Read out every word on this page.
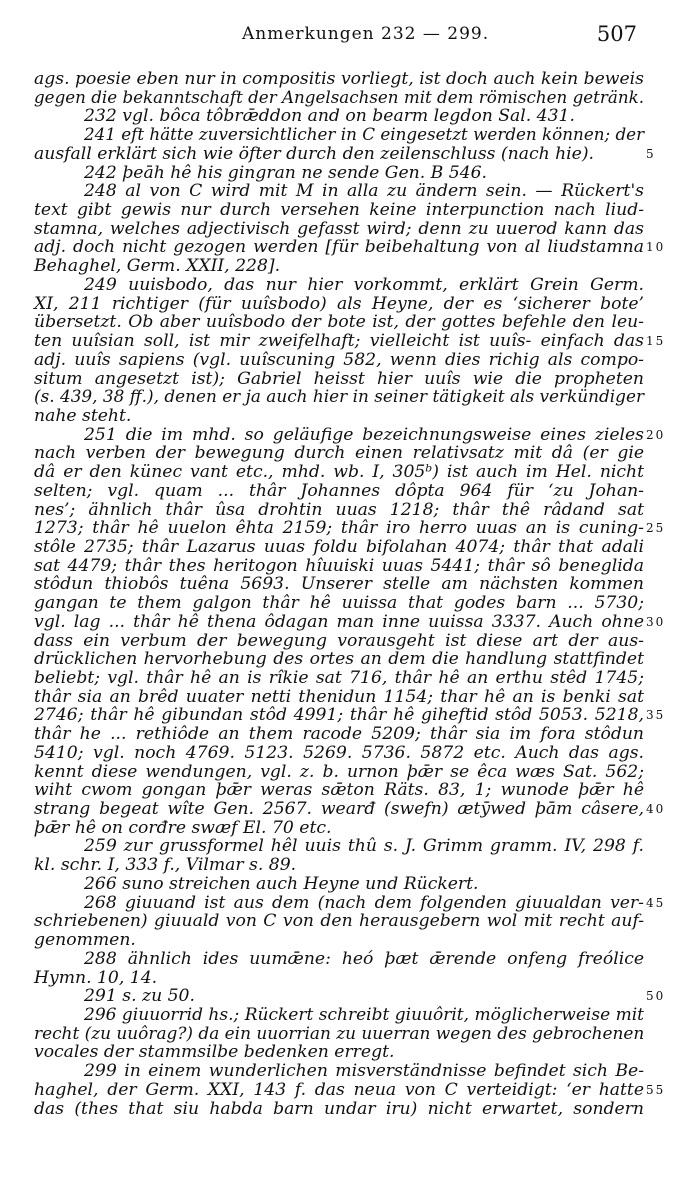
Anmerkungen 232 — 299.	507
ags. poesie eben nur in compositis vorliegt, ist doch auch kein beweis
gegen die bekanntschaft der Angelsachsen mit dem römischen getränk.
232 vgl. bôca tôbrǣddon and on bearm legdon Sal. 431.
241 eft hätte zuversichtlicher in C eingesetzt werden können; der
ausfall erklärt sich wie öfter durch den zeilenschluss (nach hie).	5
242 þeāh hê his gingran ne sende Gen. B 546.
248 al von C wird mit M in alla zu ändern sein. — Rückert's
text gibt gewis nur durch versehen keine interpunction nach liud-
stamna, welches adjectivisch gefasst wird; denn zu uuerod kann das
adj. doch nicht gezogen werden [für beibehaltung von al liudstamna 10
Behaghel, Germ. XXII, 228].
249 uuisbodo, das nur hier vorkommt, erklärt Grein Germ.
XI, 211 richtiger (für uuîsbodo) als Heyne, der es ‘sicherer bote’
übersetzt. Ob aber uuîsbodo der bote ist, der gottes befehle den leu-
ten uuîsian soll, ist mir zweifelhaft; vielleicht ist uuîs- einfach das 15
adj. uuîs sapiens (vgl. uuîscuning 582, wenn dies richig als compo-
situm angesetzt ist); Gabriel heisst hier uuîs wie die propheten
(s. 439, 38 ff.), denen er ja auch hier in seiner tätigkeit als verkündiger
nahe steht.
251 die im mhd. so geläufige bezeichnungsweise eines zieles 20
nach verben der bewegung durch einen relativsatz mit dâ (er gie
dâ er den künec vant etc., mhd. wb. I, 305ᵇ) ist auch im Hel. nicht
selten; vgl. quam ... thâr Johannes dôpta 964 für ‘zu Johan-
nes’; ähnlich thâr ûsa drohtin uuas 1218; thâr thê râdand sat
1273; thâr hê uuelon êhta 2159; thâr iro herro uuas an is cuning- 25
stôle 2735; thâr Lazarus uuas foldu bifolahan 4074; thâr that adali
sat 4479; thâr thes heritogon hîuuiski uuas 5441; thâr sô beneglida
stôdun thiobôs tuêna 5693. Unserer stelle am nächsten kommen
gangan te them galgon thâr hê uuissa that godes barn ... 5730;
vgl. lag ... thâr hê thena ôdagan man inne uuissa 3337. Auch ohne 30
dass ein verbum der bewegung vorausgeht ist diese art der aus-
drücklichen hervorhebung des ortes an dem die handlung stattfindet
beliebt; vgl. thâr hê an is rîkie sat 716, thâr hê an erthu stêd 1745;
thâr sia an brêd uuater netti thenidun 1154; thar hê an is benki sat
2746; thâr hê gibundan stôd 4991; thâr hê giheftid stôd 5053. 5218, 35
thâr he ... rethiôde an them racode 5209; thâr sia im fora stôdun
5410; vgl. noch 4769. 5123. 5269. 5736. 5872 etc. Auch das ags.
kennt diese wendungen, vgl. z. b. urnon þǣr se êca wæs Sat. 562;
wiht cwom gongan þǣr weras sǣton Räts. 83, 1; wunode þǣr hê
strang begeat wîte Gen. 2567. wearđ (swefn) ætȳwed þām câsere, 40
þǣr hê on corđre swæf El. 70 etc.
259 zur grussformel hêl uuis thû s. J. Grimm gramm. IV, 298 f.
kl. schr. I, 333 f., Vilmar s. 89.
266 suno streichen auch Heyne und Rückert.
268 giuuand ist aus dem (nach dem folgenden giuualdan ver- 45
schriebenen) giuuald von C von den herausgebern wol mit recht auf-
genommen.
288 ähnlich ides uumǣne: heó þæt ǣrende onfeng freólice
Hymn. 10, 14.
291 s. zu 50.	50
296 giuuorrid hs.; Rückert schreibt giuuôrit, möglicherweise mit
recht (zu uuôrag?) da ein uuorrian zu uuerran wegen des gebrochenen
vocales der stammsilbe bedenken erregt.
299 in einem wunderlichen misverständnisse befindet sich Be-
haghel, der Germ. XXI, 143 f. das neua von C verteidigt: ‘er hatte 55
das (thes that siu habda barn undar iru) nicht erwartet, sondern
